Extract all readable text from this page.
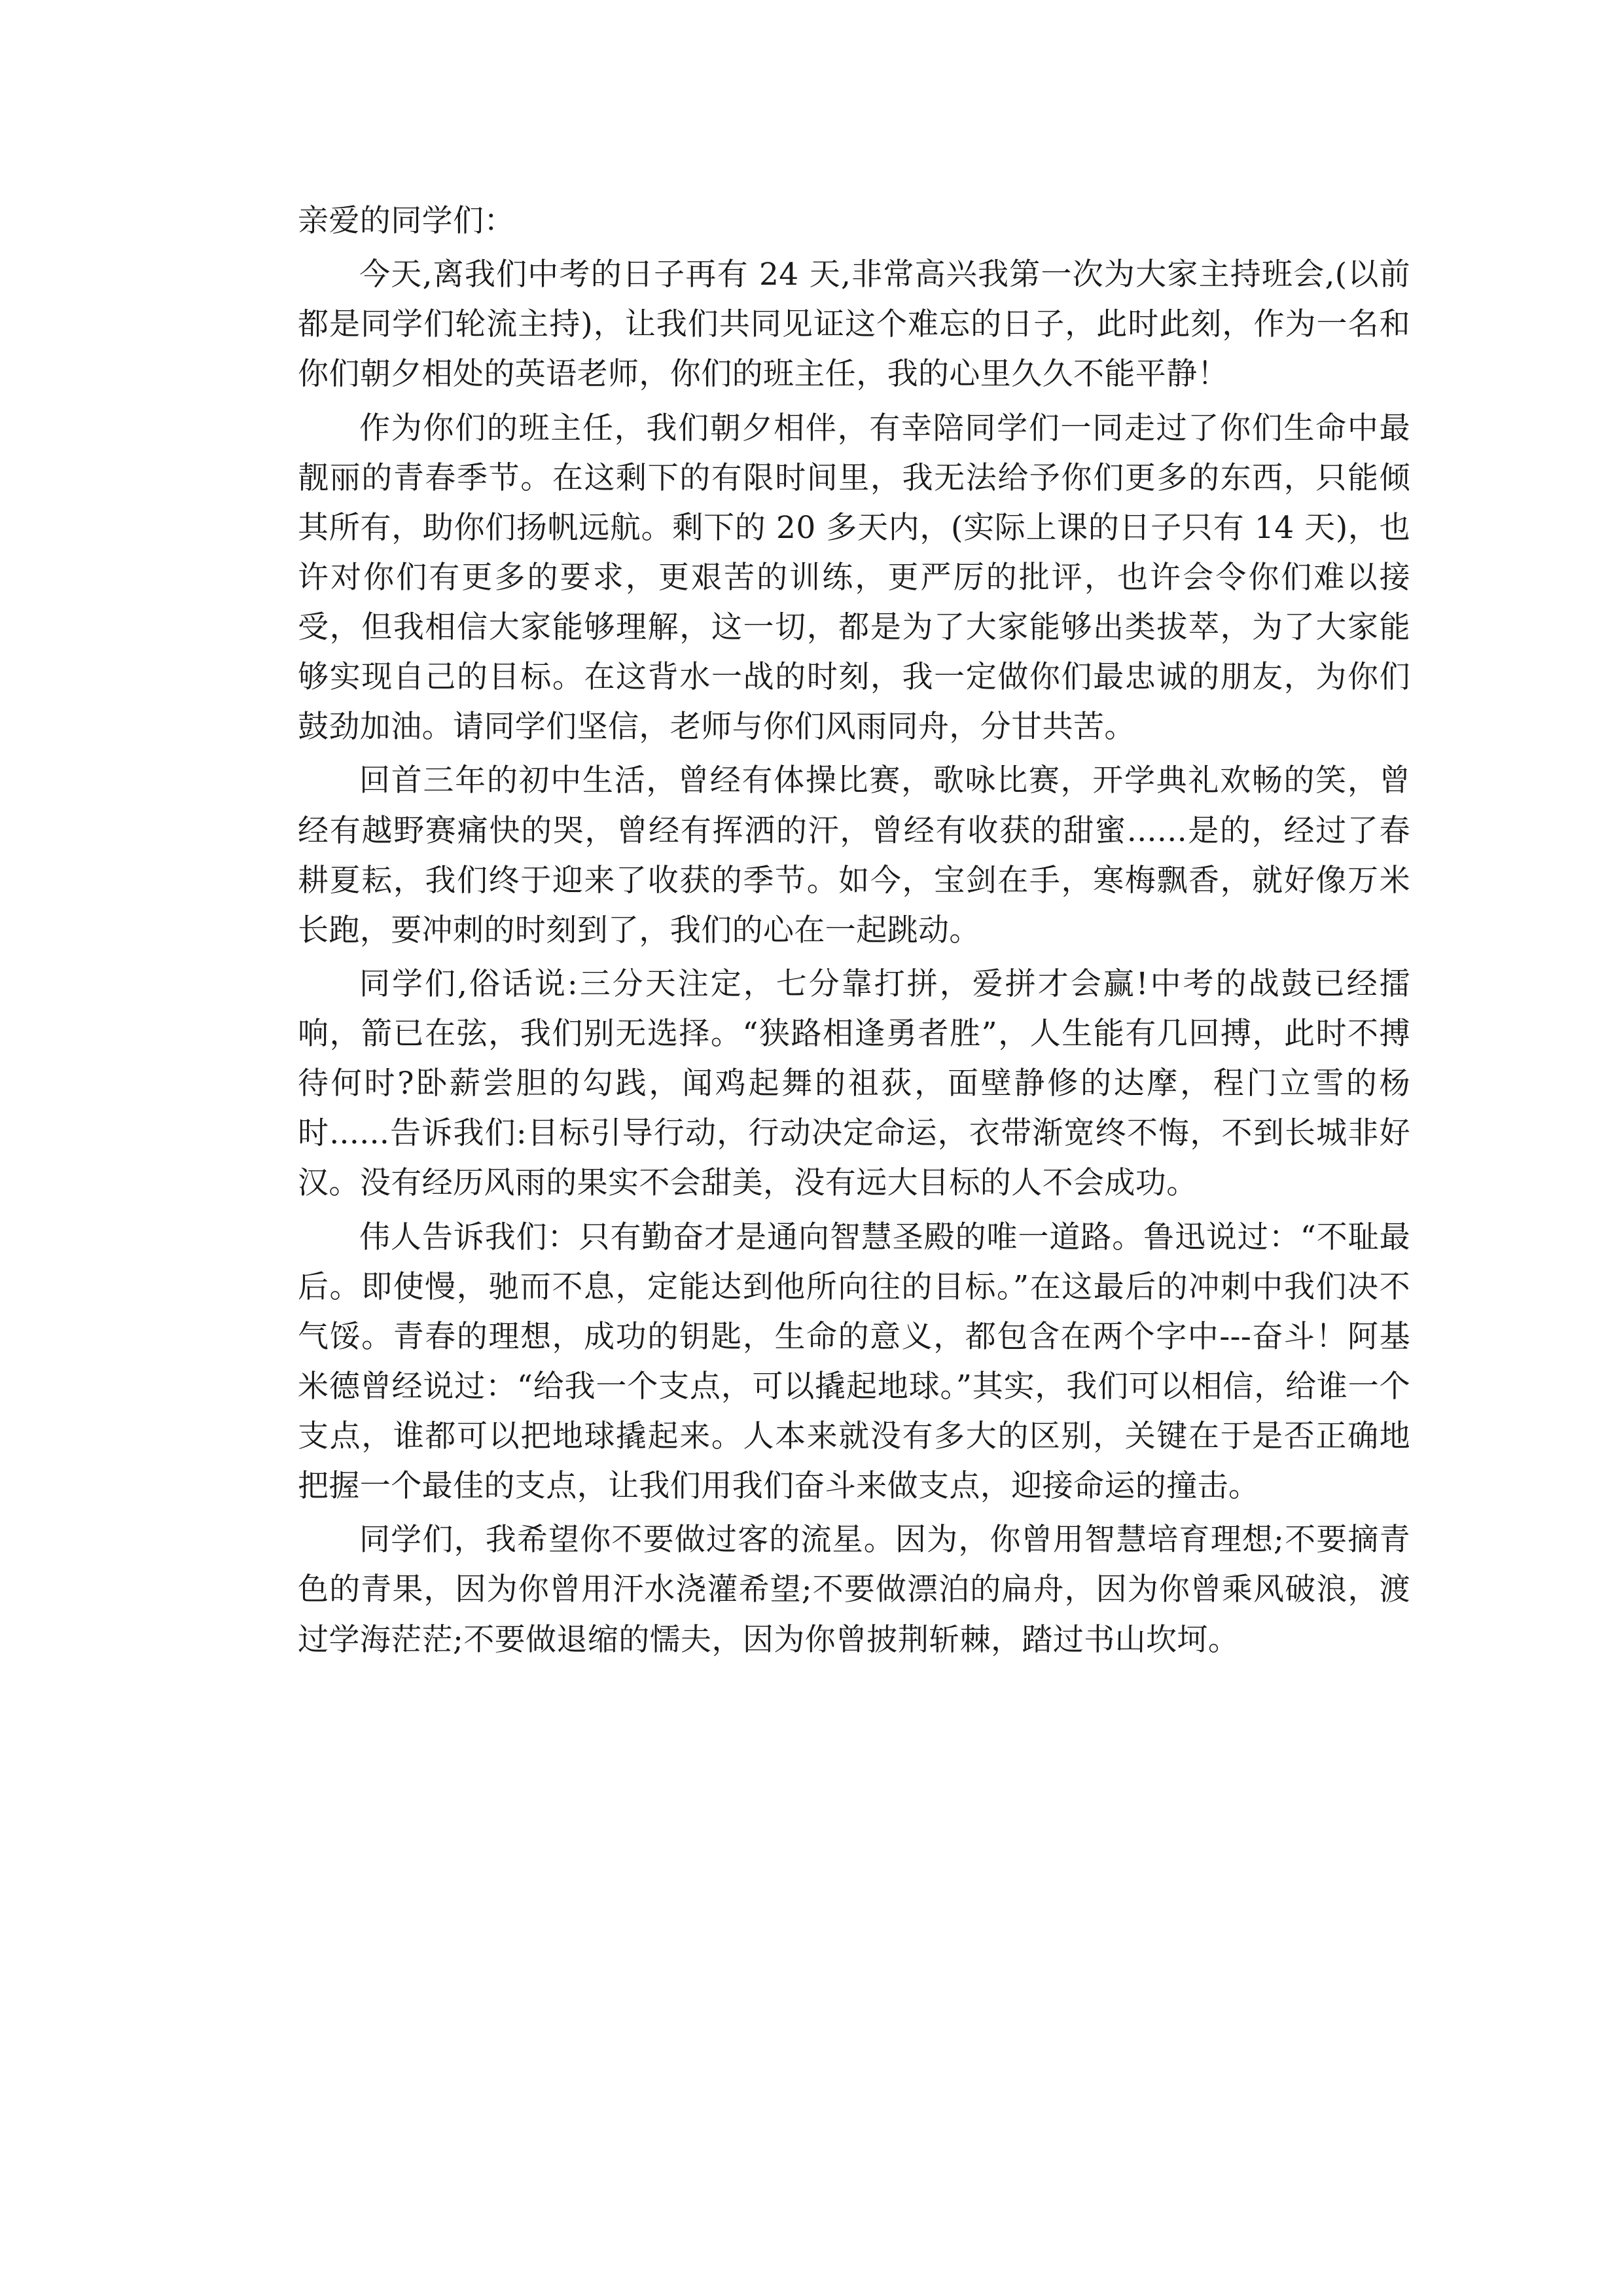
亲爱的同学们：

今天,离我们中考的日子再有 24 天,非常高兴我第一次为大家主持班会,(以前都是同学们轮流主持)，让我们共同见证这个难忘的日子，此时此刻，作为一名和你们朝夕相处的英语老师，你们的班主任，我的心里久久不能平静！

作为你们的班主任，我们朝夕相伴，有幸陪同学们一同走过了你们生命中最靓丽的青春季节。在这剩下的有限时间里，我无法给予你们更多的东西，只能倾其所有，助你们扬帆远航。剩下的 20 多天内，(实际上课的日子只有 14 天)，也许对你们有更多的要求，更艰苦的训练，更严厉的批评，也许会令你们难以接受，但我相信大家能够理解，这一切，都是为了大家能够出类拔萃，为了大家能够实现自己的目标。在这背水一战的时刻，我一定做你们最忠诚的朋友，为你们鼓劲加油。请同学们坚信，老师与你们风雨同舟，分甘共苦。

回首三年的初中生活，曾经有体操比赛，歌咏比赛，开学典礼欢畅的笑，曾经有越野赛痛快的哭，曾经有挥洒的汗，曾经有收获的甜蜜......是的，经过了春耕夏耘，我们终于迎来了收获的季节。如今，宝剑在手，寒梅飘香，就好像万米长跑，要冲刺的时刻到了，我们的心在一起跳动。

同学们,俗话说:三分天注定，七分靠打拼，爱拼才会赢!中考的战鼓已经擂响，箭已在弦，我们别无选择。“狭路相逢勇者胜”，人生能有几回搏，此时不搏待何时?卧薪尝胆的勾践，闻鸡起舞的祖荻，面壁静修的达摩，程门立雪的杨时......告诉我们:目标引导行动，行动决定命运，衣带渐宽终不悔，不到长城非好汉。没有经历风雨的果实不会甜美，没有远大目标的人不会成功。

伟人告诉我们：只有勤奋才是通向智慧圣殿的唯一道路。鲁迅说过：“不耻最后。即使慢，驰而不息，定能达到他所向往的目标。”在这最后的冲刺中我们决不气馁。青春的理想，成功的钥匙，生命的意义，都包含在两个字中---奋斗！阿基米德曾经说过：“给我一个支点，可以撬起地球。”其实，我们可以相信，给谁一个支点，谁都可以把地球撬起来。人本来就没有多大的区别，关键在于是否正确地把握一个最佳的支点，让我们用我们奋斗来做支点，迎接命运的撞击。

同学们，我希望你不要做过客的流星。因为，你曾用智慧培育理想;不要摘青色的青果，因为你曾用汗水浇灌希望;不要做漂泊的扁舟，因为你曾乘风破浪，渡过学海茫茫;不要做退缩的懦夫，因为你曾披荆斩棘，踏过书山坎坷。
